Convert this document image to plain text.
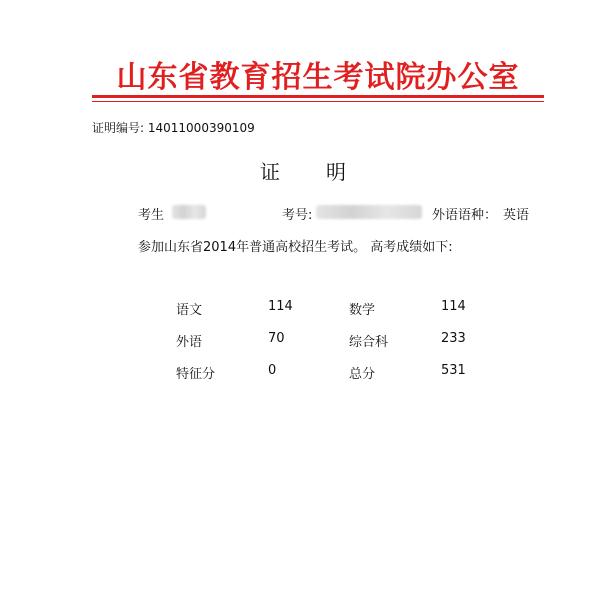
山东省教育招生考试院办公室
证明编号: 14011000390109
证明
考生	考号:	外语语种： 英语
参加山东省2014年普通高校招生考试。 高考成绩如下:
语文	114	数学	114
外语	70	综合科	233
特征分	0	总分	531
